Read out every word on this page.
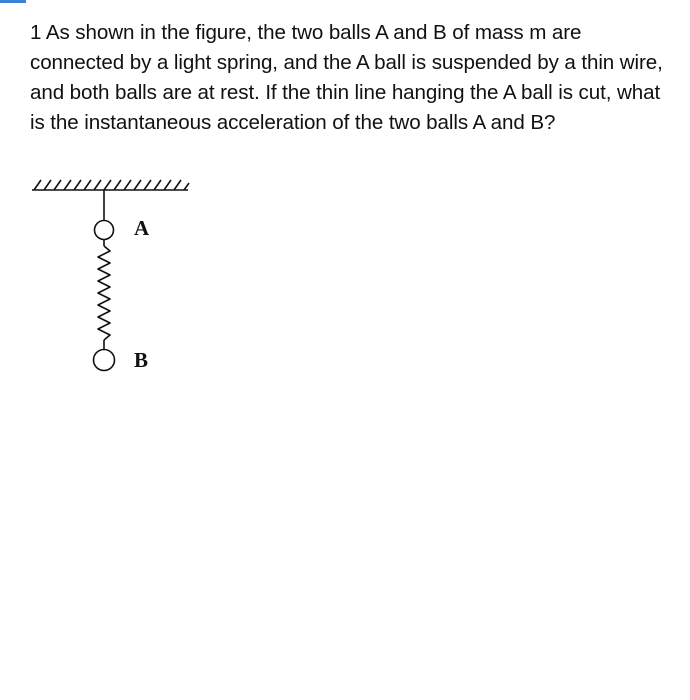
1 As shown in the figure, the two balls A and B of mass m are connected by a light spring, and the A ball is suspended by a thin wire, and both balls are at rest. If the thin line hanging the A ball is cut, what is the instantaneous acceleration of the two balls A and B?

A
B
